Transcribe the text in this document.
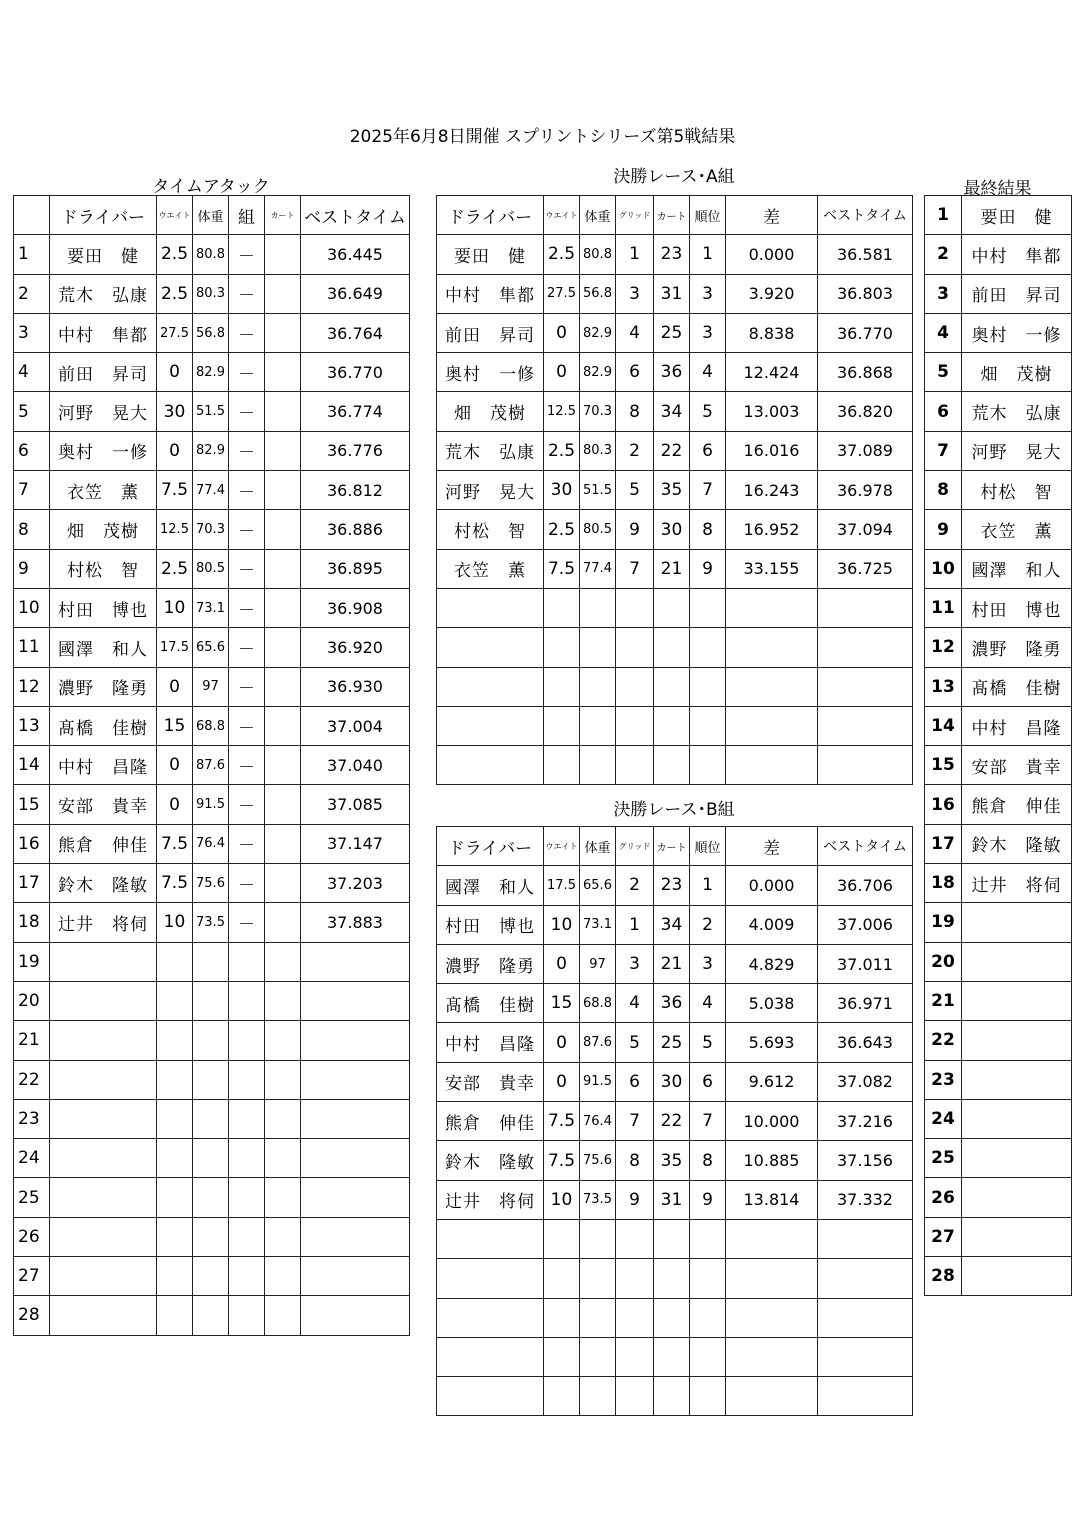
2025年6月8日開催 スプリントシリーズ第5戦結果
タイムアタック
	ドライバー	ウエイト	体重	組	カート	ベストタイム
1	要田　健	2.5	80.8	－		36.445
2	荒木　弘康	2.5	80.3	－		36.649
3	中村　隼都	27.5	56.8	－		36.764
4	前田　昇司	0	82.9	－		36.770
5	河野　晃大	30	51.5	－		36.774
6	奥村　一修	0	82.9	－		36.776
7	衣笠　薫	7.5	77.4	－		36.812
8	畑　茂樹	12.5	70.3	－		36.886
9	村松　智	2.5	80.5	－		36.895
10	村田　博也	10	73.1	－		36.908
11	國澤　和人	17.5	65.6	－		36.920
12	濃野　隆勇	0	97	－		36.930
13	髙橋　佳樹	15	68.8	－		37.004
14	中村　昌隆	0	87.6	－		37.040
15	安部　貴幸	0	91.5	－		37.085
16	熊倉　伸佳	7.5	76.4	－		37.147
17	鈴木　隆敏	7.5	75.6	－		37.203
18	辻井　将伺	10	73.5	－		37.883
19						
20						
21						
22						
23						
24						
25						
26						
27						
28						
決勝レース･A組
ドライバー	ウエイト	体重	グリッド	カート	順位	差	ベストタイム
要田　健	2.5	80.8	1	23	1	0.000	36.581
中村　隼都	27.5	56.8	3	31	3	3.920	36.803
前田　昇司	0	82.9	4	25	3	8.838	36.770
奥村　一修	0	82.9	6	36	4	12.424	36.868
畑　茂樹	12.5	70.3	8	34	5	13.003	36.820
荒木　弘康	2.5	80.3	2	22	6	16.016	37.089
河野　晃大	30	51.5	5	35	7	16.243	36.978
村松　智	2.5	80.5	9	30	8	16.952	37.094
衣笠　薫	7.5	77.4	7	21	9	33.155	36.725

決勝レース･B組
ドライバー	ウエイト	体重	グリッド	カート	順位	差	ベストタイム
國澤　和人	17.5	65.6	2	23	1	0.000	36.706
村田　博也	10	73.1	1	34	2	4.009	37.006
濃野　隆勇	0	97	3	21	3	4.829	37.011
髙橋　佳樹	15	68.8	4	36	4	5.038	36.971
中村　昌隆	0	87.6	5	25	5	5.693	36.643
安部　貴幸	0	91.5	6	30	6	9.612	37.082
熊倉　伸佳	7.5	76.4	7	22	7	10.000	37.216
鈴木　隆敏	7.5	75.6	8	35	8	10.885	37.156
辻井　将伺	10	73.5	9	31	9	13.814	37.332

最終結果
1	要田　健
2	中村　隼都
3	前田　昇司
4	奥村　一修
5	畑　茂樹
6	荒木　弘康
7	河野　晃大
8	村松　智
9	衣笠　薫
10	國澤　和人
11	村田　博也
12	濃野　隆勇
13	髙橋　佳樹
14	中村　昌隆
15	安部　貴幸
16	熊倉　伸佳
17	鈴木　隆敏
18	辻井　将伺
19	
20	
21	
22	
23	
24	
25	
26	
27	
28	
